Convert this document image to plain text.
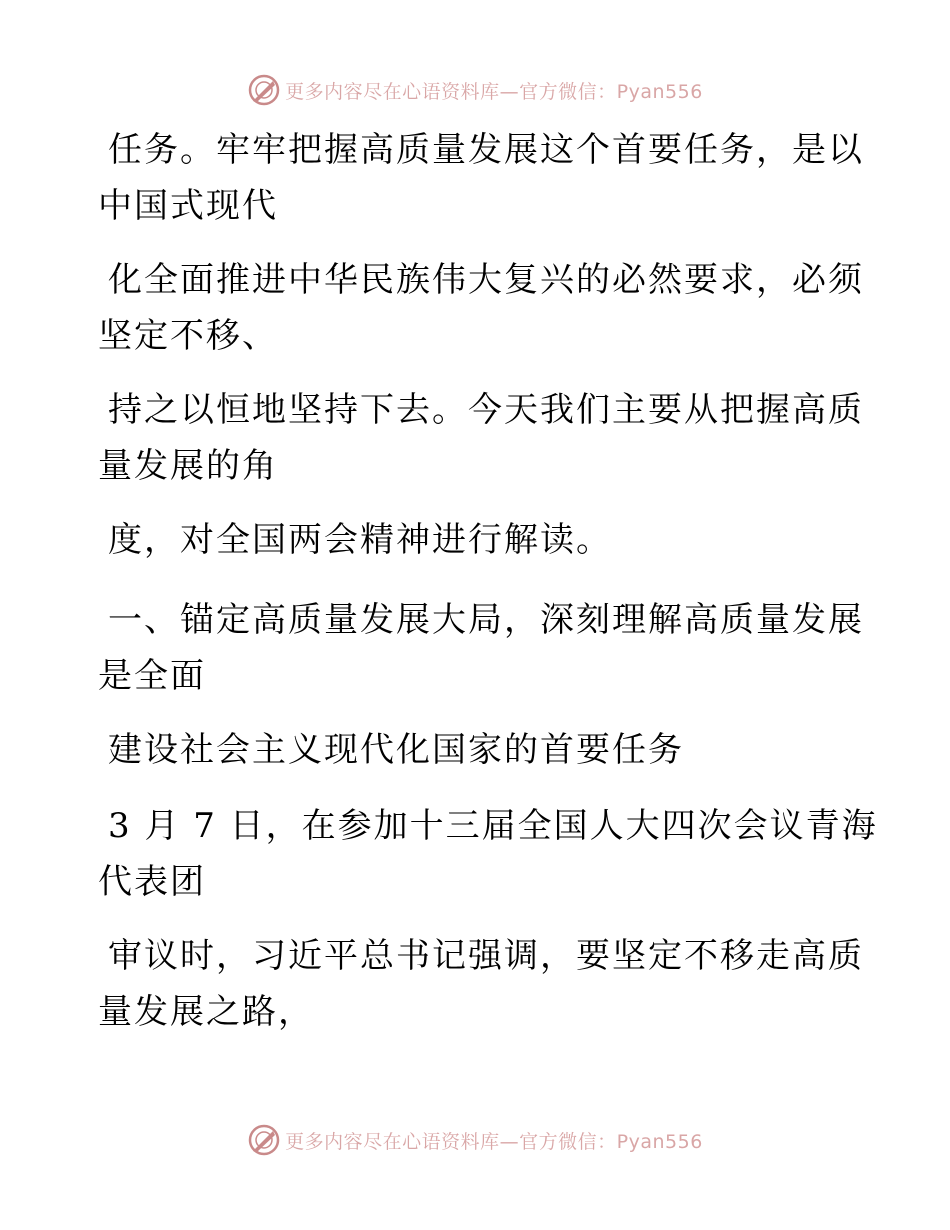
更多内容尽在心语资料库—官方微信：Pyan556
任务。牢牢把握高质量发展这个首要任务，是以
中国式现代
化全面推进中华民族伟大复兴的必然要求，必须
坚定不移、
持之以恒地坚持下去。今天我们主要从把握高质
量发展的角
度，对全国两会精神进行解读。
一、锚定高质量发展大局，深刻理解高质量发展
是全面
建设社会主义现代化国家的首要任务
3 月 7 日，在参加十三届全国人大四次会议青海
代表团
审议时，习近平总书记强调，要坚定不移走高质
量发展之路，
更多内容尽在心语资料库—官方微信：Pyan556
